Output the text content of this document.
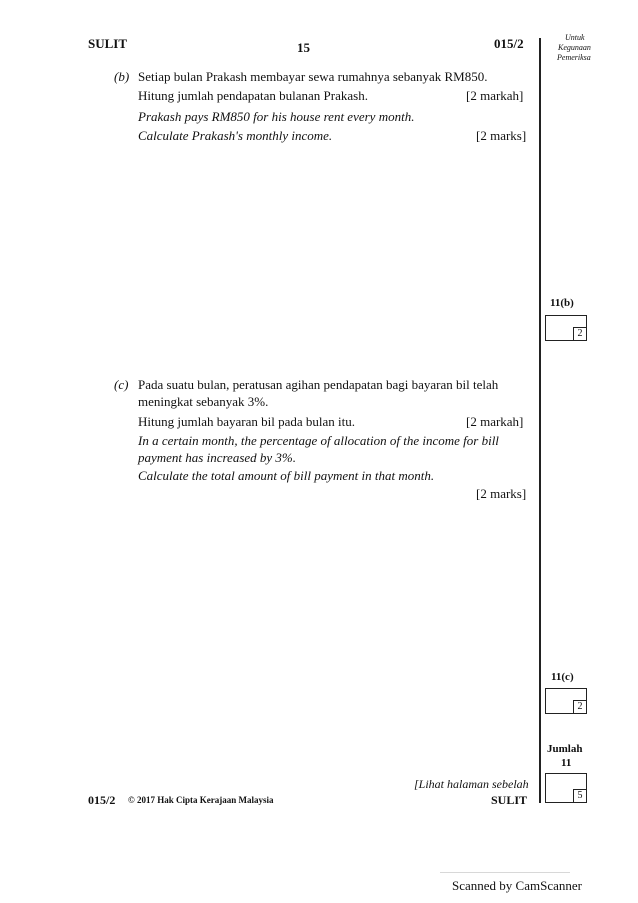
SULIT	15	015/2	Untuk
Kegunaan
Pemeriksa
(b) Setiap bulan Prakash membayar sewa rumahnya sebanyak RM850.
Hitung jumlah pendapatan bulanan Prakash.	[2 markah]
Prakash pays RM850 for his house rent every month.
Calculate Prakash's monthly income.	[2 marks]
11(b)
2
(c) Pada suatu bulan, peratusan agihan pendapatan bagi bayaran bil telah
meningkat sebanyak 3%.
Hitung jumlah bayaran bil pada bulan itu.	[2 markah]
In a certain month, the percentage of allocation of the income for bill
payment has increased by 3%.
Calculate the total amount of bill payment in that month.
[2 marks]
11(c)
2
Jumlah
11
5
015/2 © 2017 Hak Cipta Kerajaan Malaysia
[Lihat halaman sebelah
SULIT
Scanned by CamScanner
